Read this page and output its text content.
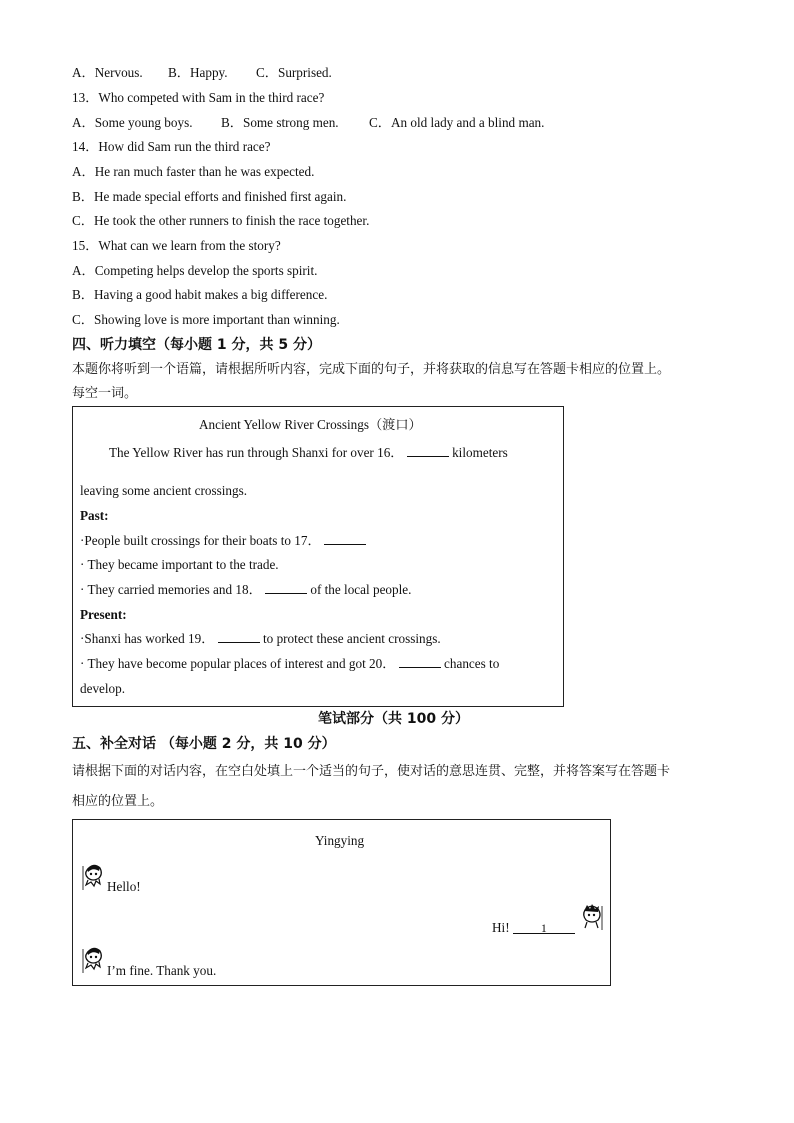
A．Nervous. B．Happy. C．Surprised.
13．Who competed with Sam in the third race?
A．Some young boys. B．Some strong men. C．An old lady and a blind man.
14．How did Sam run the third race?
A．He ran much faster than he was expected.
B．He made special efforts and finished first again.
C．He took the other runners to finish the race together.
15．What can we learn from the story?
A．Competing helps develop the sports spirit.
B．Having a good habit makes a big difference.
C．Showing love is more important than winning.
四、听力填空（每小题 1 分，共 5 分）
本题你将听到一个语篇，请根据所听内容，完成下面的句子，并将获取的信息写在答题卡相应的位置上。
每空一词。
Ancient Yellow River Crossings（渡口）
The Yellow River has run through Shanxi for over 16．	kilometers
leaving some ancient crossings.
Past:
·People built crossings for their boats to 17．
· They became important to the trade.
· They carried memories and 18．	of the local people.
Present:
·Shanxi has worked 19．	to protect these ancient crossings.
· They have become popular places of interest and got 20．	chances to
develop.
笔试部分（共 100 分）
五、补全对话 （每小题 2 分，共 10 分）
请根据下面的对话内容，在空白处填上一个适当的句子，使对话的意思连贯、完整，并将答案写在答题卡
相应的位置上。
Yingying
Hello!
Hi!	1
I’m fine. Thank you.
